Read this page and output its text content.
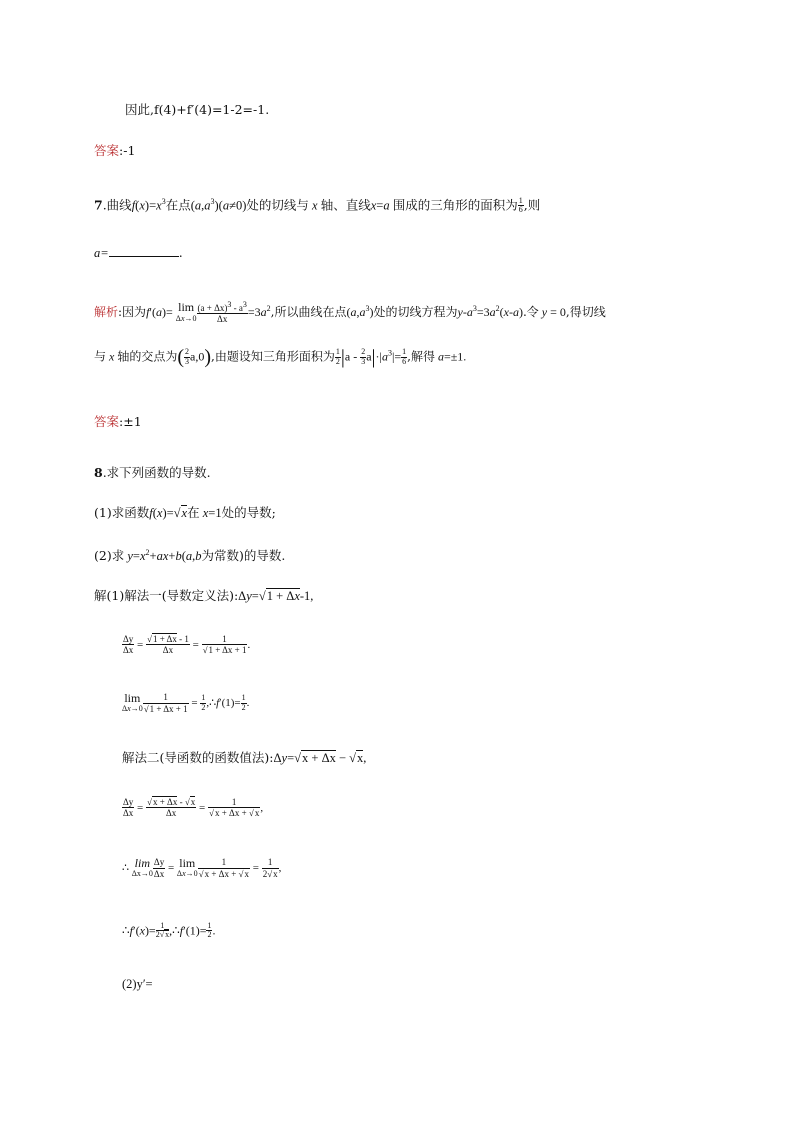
因此,f(4)+f′(4)=1-2=-1.
答案:-1
7.曲线$f(x)=x^3$在点$(a,a^3)(a\ne 0)$处的切线与 x 轴、直线x=a 围成的三角形的面积为 $\frac{1}{6}$,则
a=	.
解析:因为f′(a)= lim
$\Delta x\to 0 \frac{(a + \Delta x)^3 - a^3}{\Delta x} =3a^2$,所以曲线在点$(a,a^3)$处的切线方程为$y-a^3=3a^2(x-a)$.令 y = 0,得切线
与 x 轴的交点为( $\frac{2}{3}a,0$),由题设知三角形面积为 $\frac{1}{2}|a - \frac{2}{3}a|\cdot|a^3|= \frac{1}{6}$,解得 a=±1.
答案:±1
8.求下列函数的导数.
(1)求函数f(x)=√x在 x=1处的导数;
(2)求 $y=x^2+ax+b(a,b$为常数)的导数.
解(1)解法一(导数定义法):Δy=√1 + Δx-1,
$\frac{\Delta y}{\Delta x} = \frac{√1 + \Delta x - 1}{\Delta x} = \frac{1}{√1 + \Delta x + 1}$ .
lim
$\Delta x\to 0 \frac{1}{√1 + \Delta x + 1}$ = $\frac{1}{2},\therefore f'(1)= \frac{1}{2}$.
解法二(导函数的函数值法):Δy=√x + Δx − √x,
$\frac{\Delta y}{\Delta x} = \frac{√x + \Delta x - √x}{\Delta x} = \frac{1}{√x + \Delta x + √x}$ ,
∴ lim
$\Delta x\to 0 \frac{\Delta y}{\Delta x} = \lim$
$\Delta x\to 0 \frac{1}{√x + \Delta x + √x} = \frac{1}{2√x}$ ,
∴f′(x)= $\frac{1}{2√x},\therefore f'(1)= \frac{1}{2}$.
(2)y′=
